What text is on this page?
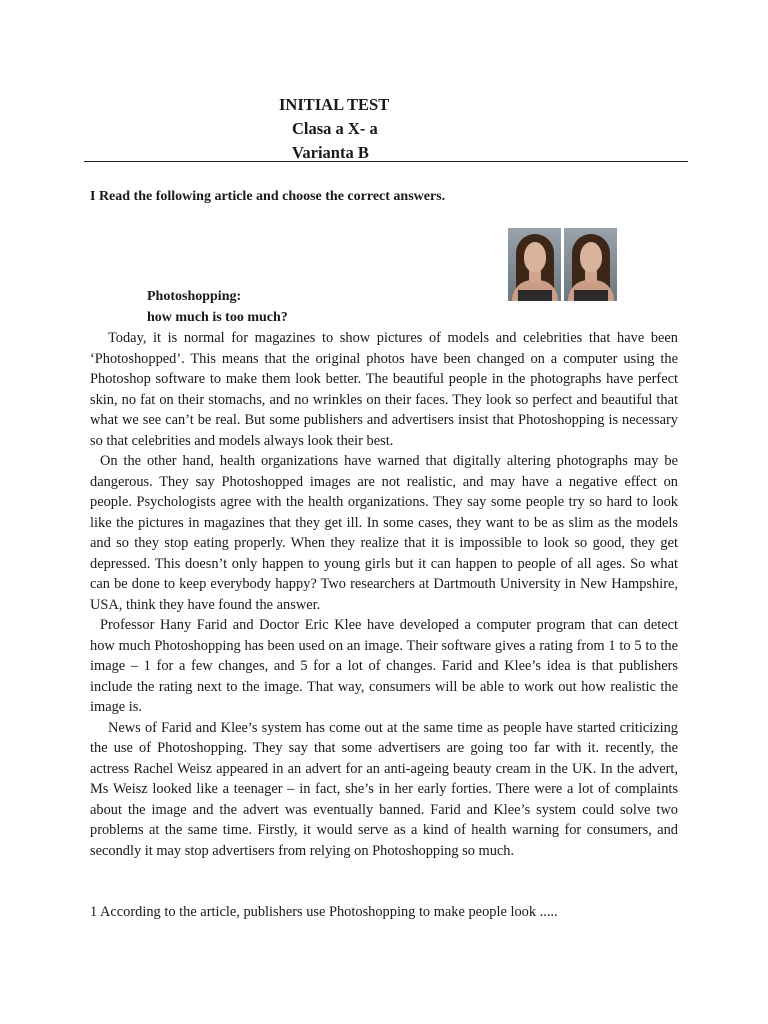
INITIAL TEST
Clasa a X- a
Varianta B
I Read the following article and choose the correct answers.
Photoshopping:
how much is too much?

Today, it is normal for magazines to show pictures of models and celebrities that have been ‘Photoshopped’. This means that the original photos have been changed on a computer using the Photoshop software to make them look better. The beautiful people in the photographs have perfect skin, no fat on their stomachs, and no wrinkles on their faces. They look so perfect and beautiful that what we see can’t be real. But some publishers and advertisers insist that Photoshopping is necessary so that celebrities and models always look their best.

On the other hand, health organizations have warned that digitally altering photographs may be dangerous. They say Photoshopped images are not realistic, and may have a negative effect on people. Psychologists agree with the health organizations. They say some people try so hard to look like the pictures in magazines that they get ill. In some cases, they want to be as slim as the models and so they stop eating properly. When they realize that it is impossible to look so good, they get depressed. This doesn’t only happen to young girls but it can happen to people of all ages. So what can be done to keep everybody happy? Two researchers at Dartmouth University in New Hampshire, USA, think they have found the answer.

Professor Hany Farid and Doctor Eric Klee have developed a computer program that can detect how much Photoshopping has been used on an image. Their software gives a rating from 1 to 5 to the image – 1 for a few changes, and 5 for a lot of changes. Farid and Klee’s idea is that publishers include the rating next to the image. That way, consumers will be able to work out how realistic the image is.

News of Farid and Klee’s system has come out at the same time as people have started criticizing the use of Photoshopping. They say that some advertisers are going too far with it. recently, the actress Rachel Weisz appeared in an advert for an anti-ageing beauty cream in the UK. In the advert, Ms Weisz looked like a teenager – in fact, she’s in her early forties. There were a lot of complaints about the image and the advert was eventually banned. Farid and Klee’s system could solve two problems at the same time. Firstly, it would serve as a kind of health warning for consumers, and secondly it may stop advertisers from relying on Photoshopping so much.

1 According to the article, publishers use Photoshopping to make people look .....
